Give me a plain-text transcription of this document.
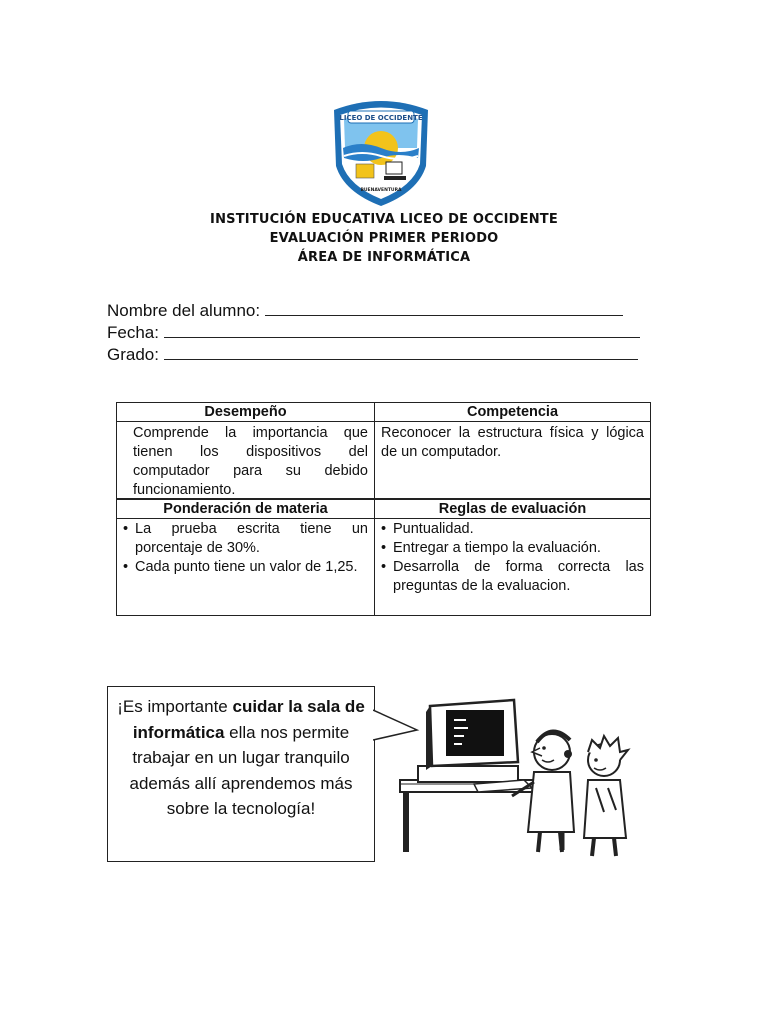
LICEO DE OCCIDENTE
BUENAVENTURA
INSTITUCIÓN EDUCATIVA LICEO DE OCCIDENTE
EVALUACIÓN PRIMER PERIODO
ÁREA DE INFORMÁTICA
Nombre del alumno:
Fecha:
Grado:
Desempeño	Competencia
Comprende la importancia que tienen los dispositivos del computador para su debido funcionamiento.
Reconocer la estructura física y lógica de un computador.
Ponderación de materia	Reglas de evaluación
• La prueba escrita tiene un porcentaje de 30%.
• Cada punto tiene un valor de 1,25.
• Puntualidad.
• Entregar a tiempo la evaluación.
• Desarrolla de forma correcta las preguntas de la evaluacion.
¡Es importante cuidar la sala de informática ella nos permite trabajar en un lugar tranquilo además allí aprendemos más sobre la tecnología!
